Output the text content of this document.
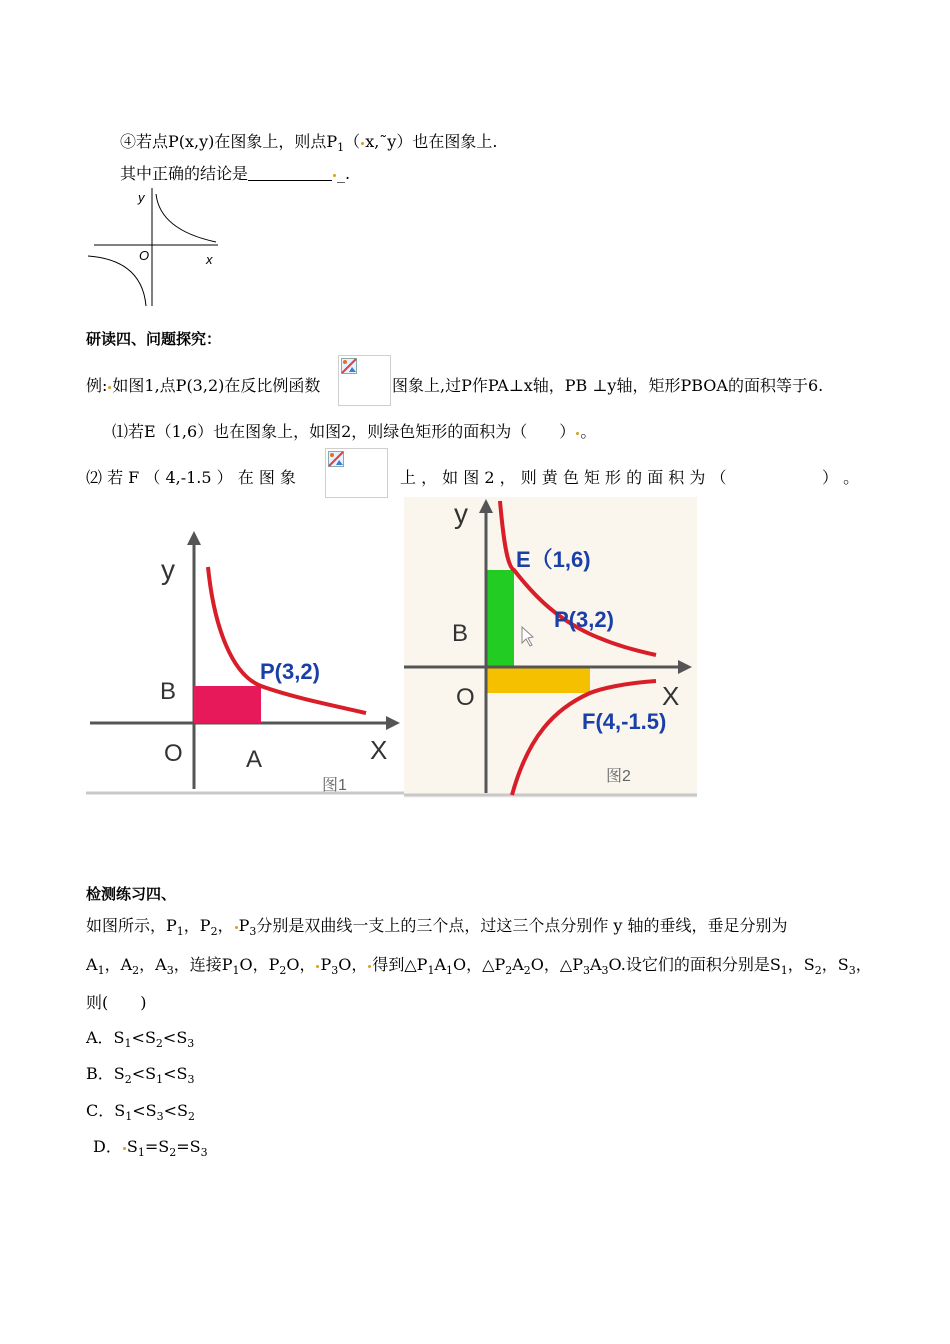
④若点P(x,y)在图象上，则点$P_1$（ x,˜y）也在图象上.
其中正确的结论是	_.
y
x
O
研读四、问题探究：
例: 如图1,点P(3,2)在反比例函数	图象上,过P作PA⊥x轴，PB ⊥y轴，矩形PBOA的面积等于6.
⑴若E（1,6）也在图象上，如图2，则绿色矩形的面积为（　　） 。
⑵ 若 F （ 4,-1.5 ） 在 图 象	上 ， 如 图 2 ， 则 黄 色 矩 形 的 面 积 为 （	） 。
y
X
O	A
B
P(3,2)
图1
y
X
O
B
E（1,6)
P(3,2)
F(4,-1.5)
图2
检测练习四、
如图所示，$P_1$，$P_2$， $P_3$分别是双曲线一支上的三个点，过这三个点分别作 y 轴的垂线，垂足分别为
$A_1$，$A_2$，$A_3$，连接$P_1O$，$P_2O$， $P_3O$， 得到$\triangle P_1A_1O$，$\triangle P_2A_2O$，$\triangle P_3A_3O$.设它们的面积分别是$S_1$，$S_2$，$S_3$，
则(　　)
A．$S_1<S_2<S_3$
B．$S_2<S_1<S_3$
C．$S_1<S_3<S_2$
D． $S_1=S_2=S_3$
